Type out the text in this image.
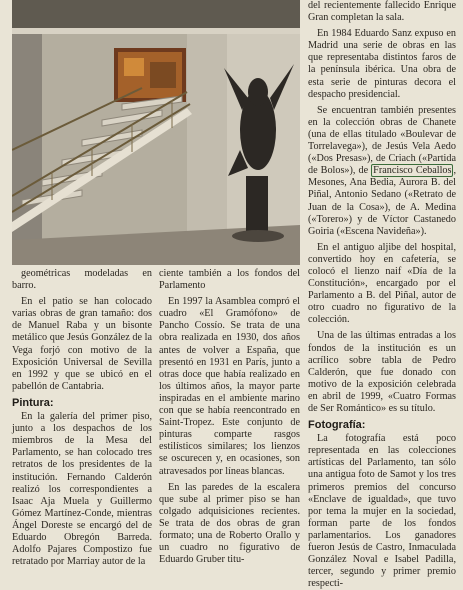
geométricas modeladas en barro.

En el patio se han colocado varias obras de gran tamaño: dos de Manuel Raba y un bisonte metálico que Jesús González de la Vega forjó con motivo de la Exposición Universal de Sevilla en 1992 y que se ubicó en el pabellón de Cantabria.

Pintura:

En la galería del primer piso, junto a los despachos de los miembros de la Mesa del Parlamento, se han colocado tres retratos de los presidentes de la institución. Fernando Calderón realizó los correspondientes a Isaac Aja Muela y Guillermo Gómez Martínez-Conde, mientras Ángel Doreste se encargó del de Eduardo Obregón Barreda. Adolfo Pajares Compostizo fue retratado por Marriay autor de la

ciente también a los fondos del Parlamento

En 1997 la Asamblea compró el cuadro «El Gramófono» de Pancho Cossío. Se trata de una obra realizada en 1930, dos años antes de volver a España, que presentó en 1931 en París, junto a otras doce que había realizado en los últimos años, la mayor parte inspiradas en el ambiente marino con que se había reencontrado en Saint-Tropez. Este conjunto de pinturas comparte rasgos estilísticos similares; los lienzos se oscurecen y, en ocasiones, son atravesados por líneas blancas.

En las paredes de la escalera que sube al primer piso se han colgado adquisiciones recientes. Se trata de dos obras de gran formato; una de Roberto Orallo y un cuadro no figurativo de Eduardo Gruber titu-

del recientemente fallecido Enrique Gran completan la sala.

En 1984 Eduardo Sanz expuso en Madrid una serie de obras en las que representaba distintos faros de la península ibérica. Una obra de esta serie de pinturas decora el despacho presidencial.

Se encuentran también presentes en la colección obras de Chanete (una de ellas titulado «Boulevar de Torrelavega»), de Jesús Vela Aedo («Dos Presas»), de Criach («Partida de Bolos»), de Francisco Ceballos , Mesones, Ana Bedia, Aurora B. del Piñal, Antonio Sedano («Retrato de Juan de la Cosa»), de A. Medina («Torero») y de Víctor Castanedo Goiria («Escena Navideña»).

En el antiguo aljibe del hospital, convertido hoy en cafetería, se colocó el lienzo naif «Día de la Constitución», encargado por el Parlamento a B. del Piñal, autor de otro cuadro no figurativo de la colección.

Una de las últimas entradas a los fondos de la institución es un acrílico sobre tabla de Pedro Calderón, que fue donado con motivo de la exposición celebrada en abril de 1999, «Cuatro Formas de Ser Romántico» es su título.

Fotografía:

La fotografía está poco representada en las colecciones artísticas del Parlamento, tan sólo una antigua foto de Samot y los tres primeros premios del concurso «Enclave de igualdad», que tuvo por tema la mujer en la sociedad, forman parte de los fondos parlamentarios. Los ganadores fueron Jesús de Castro, Inmaculada González Noval e Isabel Padilla, tercer, segundo y primer premio respecti-
